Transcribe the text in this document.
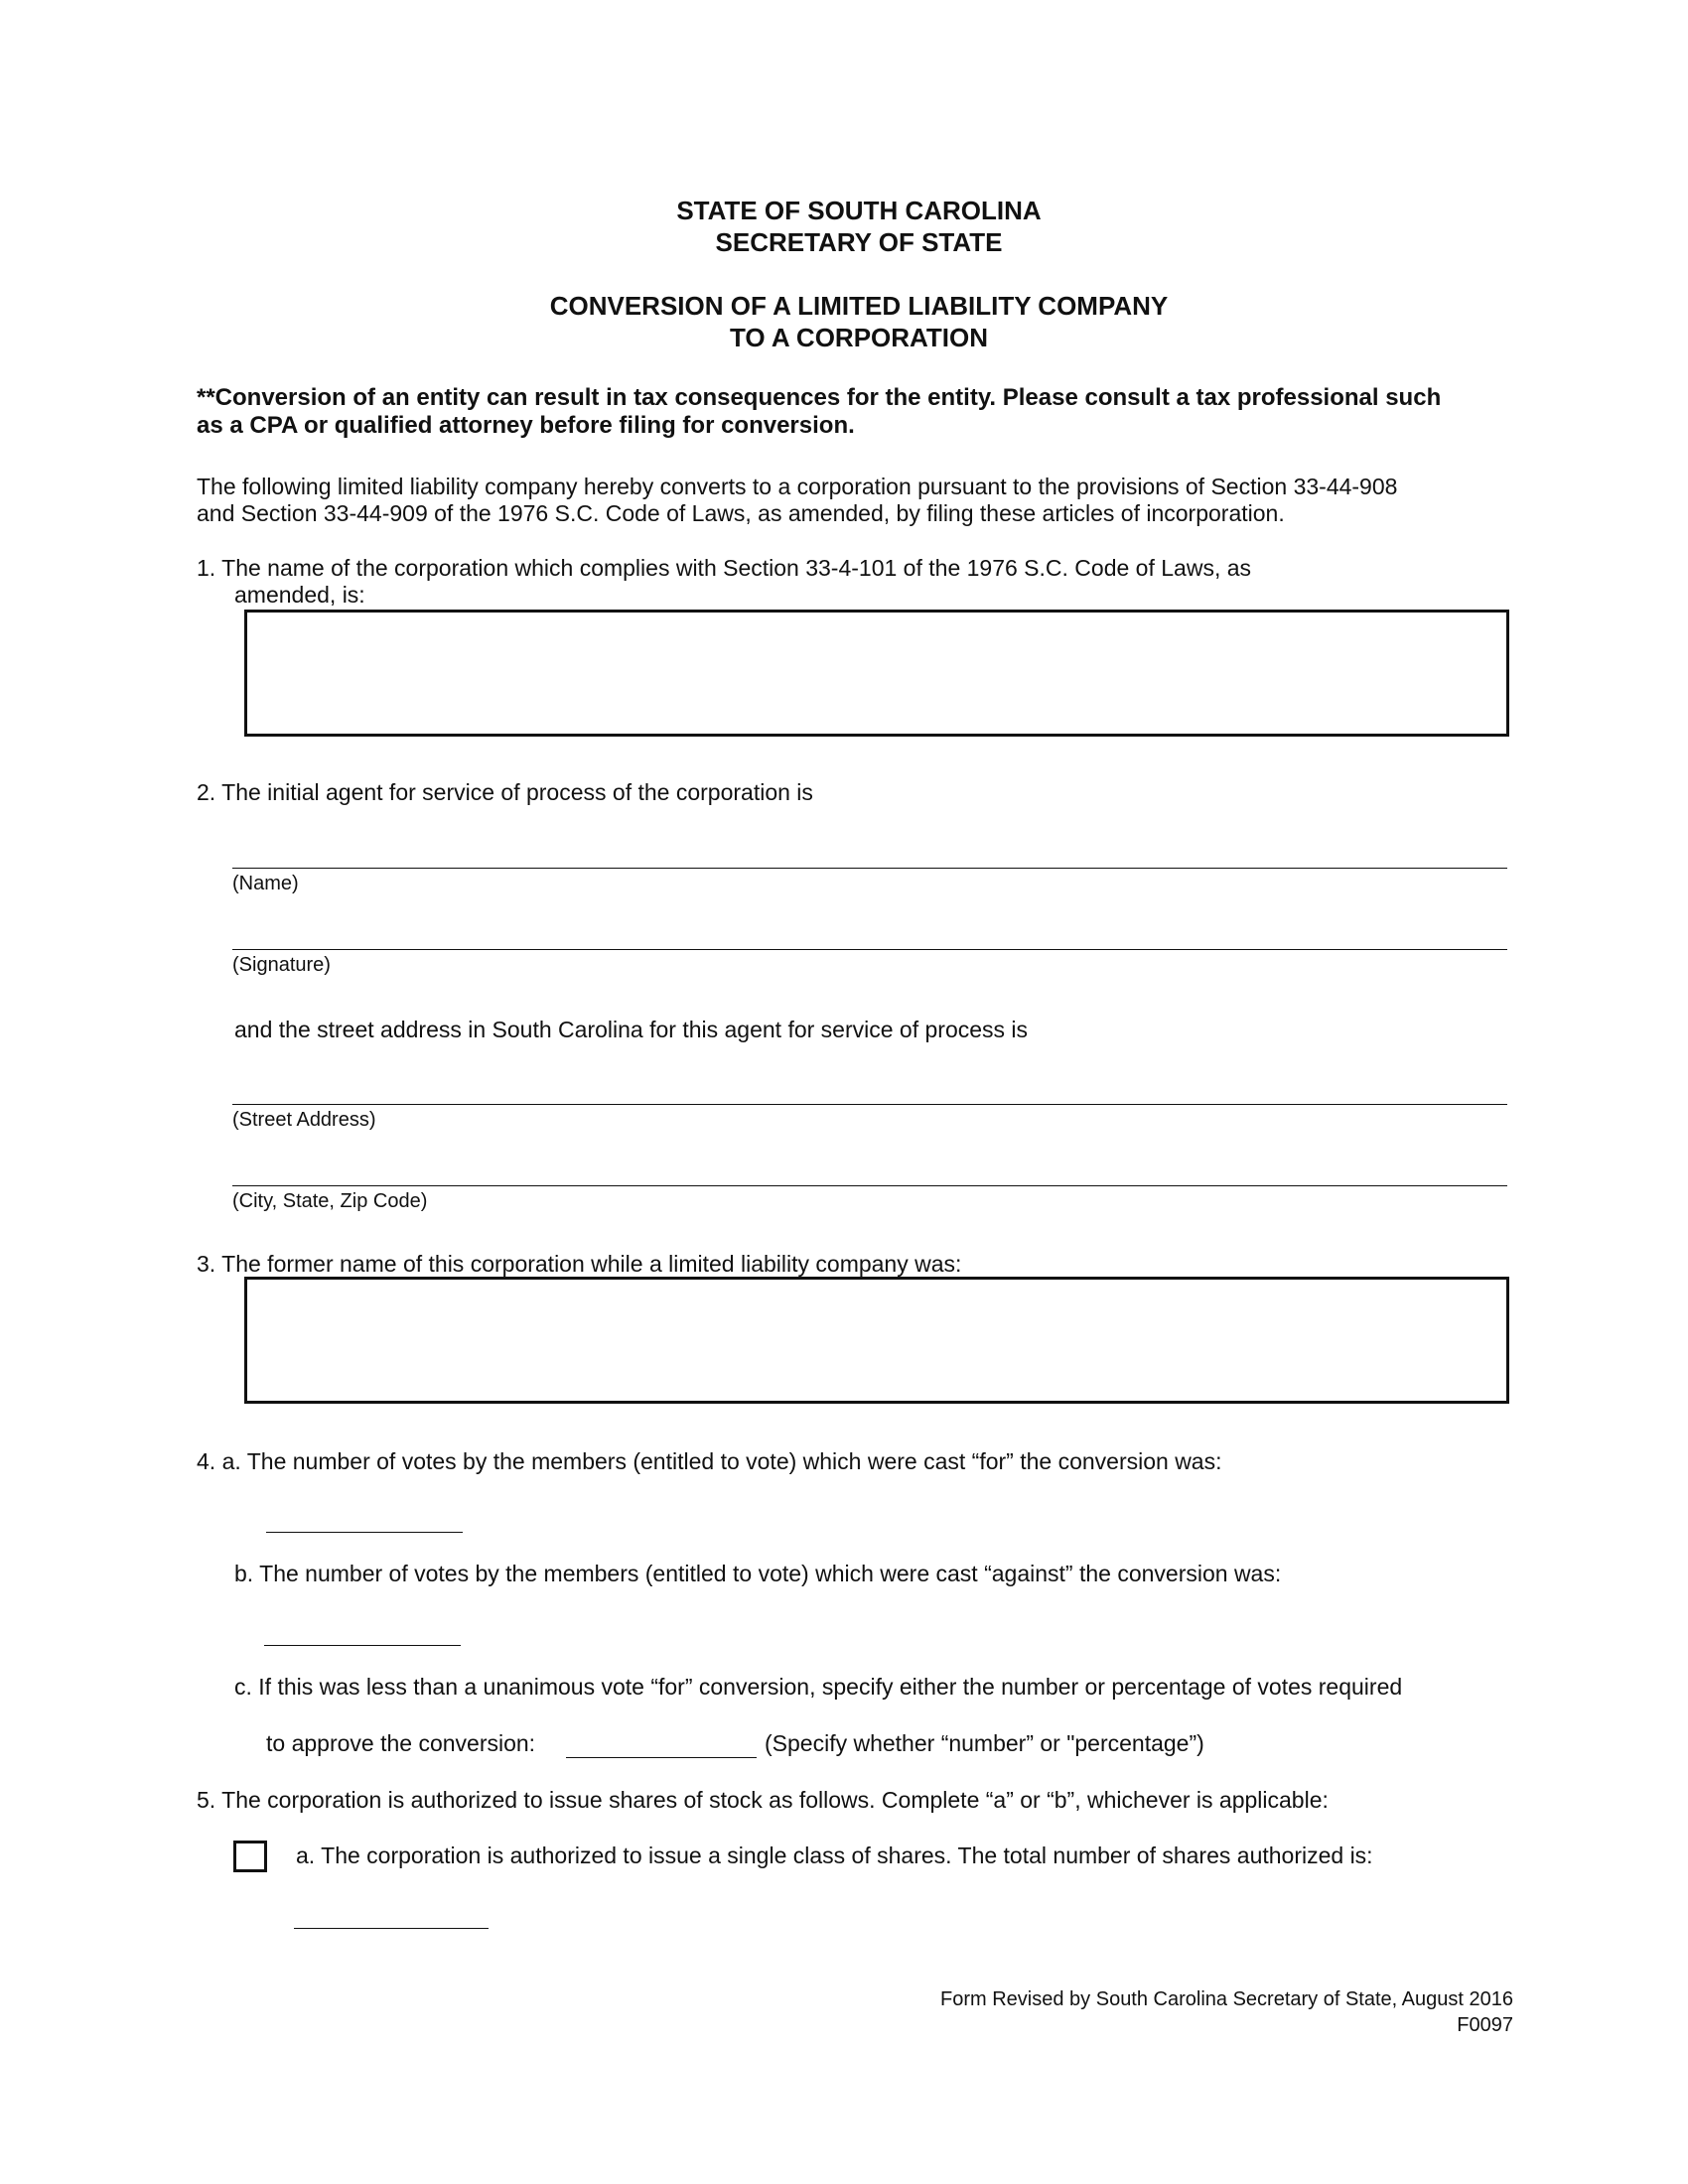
STATE OF SOUTH CAROLINA
SECRETARY OF STATE
CONVERSION OF A LIMITED LIABILITY COMPANY
TO A CORPORATION
**Conversion of an entity can result in tax consequences for the entity. Please consult a tax professional such
as a CPA or qualified attorney before filing for conversion.
The following limited liability company hereby converts to a corporation pursuant to the provisions of Section 33-44-908
and Section 33-44-909 of the 1976 S.C. Code of Laws, as amended, by filing these articles of incorporation.
1. The name of the corporation which complies with Section 33-4-101 of the 1976 S.C. Code of Laws, as
amended, is:
2. The initial agent for service of process of the corporation is
(Name)
(Signature)
and the street address in South Carolina for this agent for service of process is
(Street Address)
(City, State, Zip Code)
3. The former name of this corporation while a limited liability company was:
4. a. The number of votes by the members (entitled to vote) which were cast “for” the conversion was:
b. The number of votes by the members (entitled to vote) which were cast “against” the conversion was:
c. If this was less than a unanimous vote “for” conversion, specify either the number or percentage of votes required
to approve the conversion:	(Specify whether “number” or "percentage”)
5. The corporation is authorized to issue shares of stock as follows. Complete “a” or “b”, whichever is applicable:
a. The corporation is authorized to issue a single class of shares. The total number of shares authorized is:
Form Revised by South Carolina Secretary of State, August 2016
F0097
